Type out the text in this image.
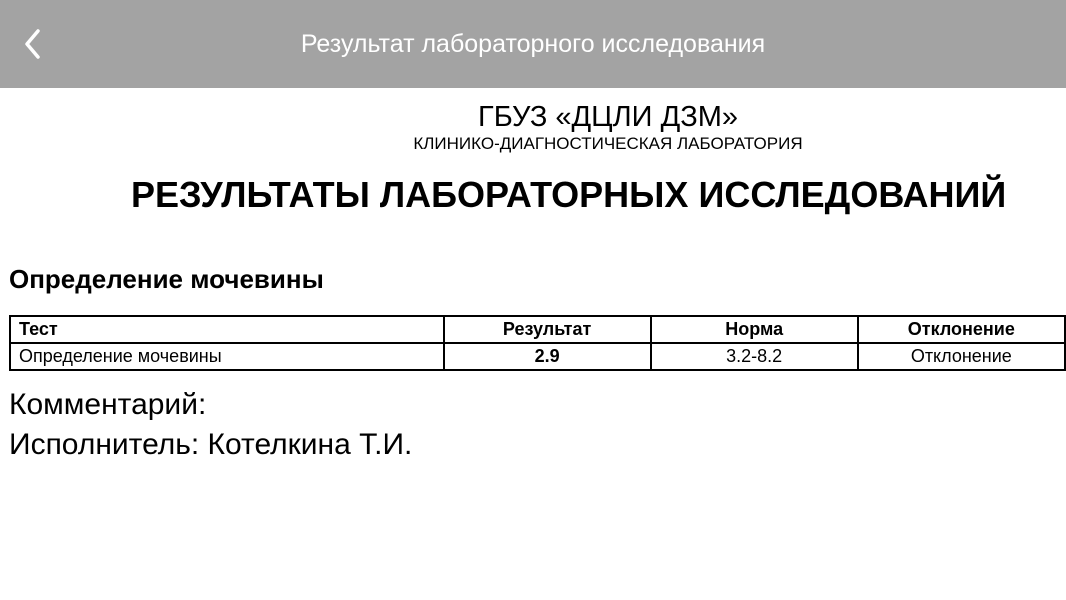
Результат лабораторного исследования
ГБУЗ «ДЦЛИ ДЗМ»
КЛИНИКО-ДИАГНОСТИЧЕСКАЯ ЛАБОРАТОРИЯ
РЕЗУЛЬТАТЫ ЛАБОРАТОРНЫХ ИССЛЕДОВАНИЙ
Определение мочевины
Тест	Результат	Норма	Отклонение
Определение мочевины	2.9	3.2-8.2	Отклонение
Комментарий:
Исполнитель: Котелкина Т.И.
